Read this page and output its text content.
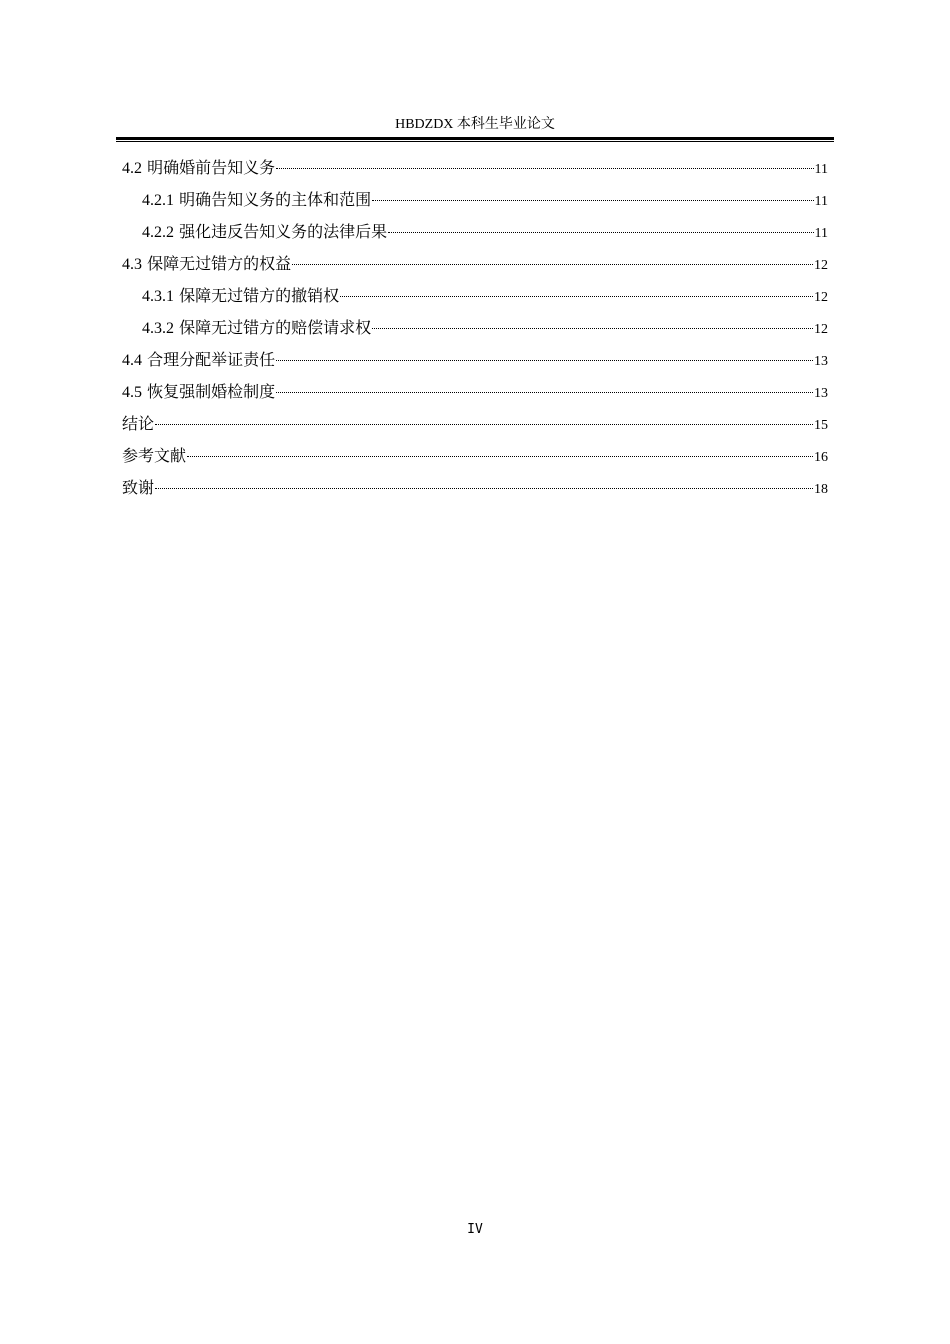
HBDZDX 本科生毕业论文
4.2 明确婚前告知义务	11
4.2.1 明确告知义务的主体和范围	11
4.2.2 强化违反告知义务的法律后果	11
4.3 保障无过错方的权益	12
4.3.1 保障无过错方的撤销权	12
4.3.2 保障无过错方的赔偿请求权	12
4.4 合理分配举证责任	13
4.5 恢复强制婚检制度	13
结论	15
参考文献	16
致谢	18
IV
